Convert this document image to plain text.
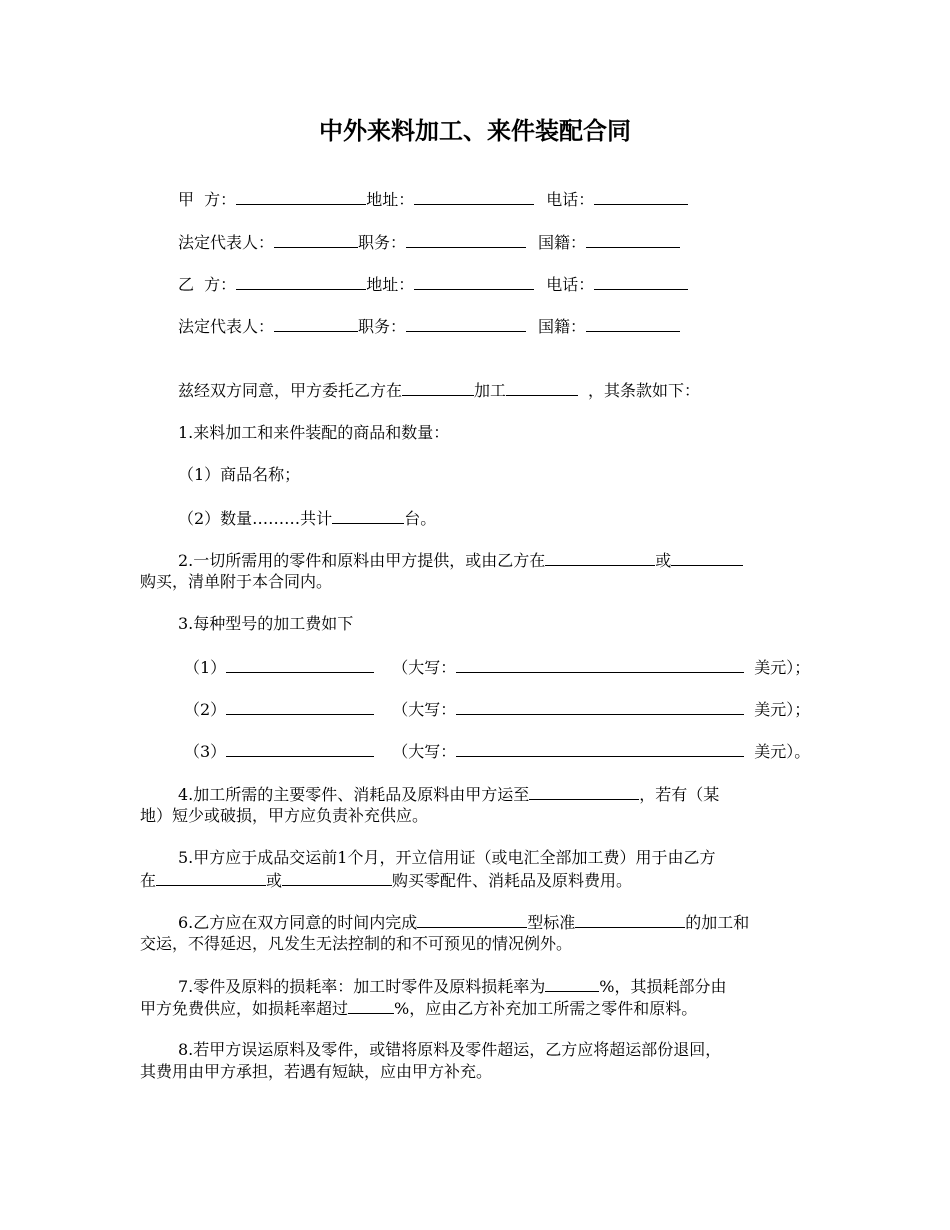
中外来料加工、来件装配合同
甲  方：	地址：	电话：
法定代表人：	职务：	国籍：
乙  方：	地址：	电话：
法定代表人：	职务：	国籍：
兹经双方同意，甲方委托乙方在	加工	，其条款如下：
1.来料加工和来件装配的商品和数量：
（1）商品名称；
（2）数量………共计	台。
2.一切所需用的零件和原料由甲方提供，或由乙方在	或
购买，清单附于本合同内。
3.每种型号的加工费如下
（1）	（大写：	美元）；
（2）	（大写：	美元）；
（3）	（大写：	美元）。
4.加工所需的主要零件、消耗品及原料由甲方运至	，若有（某
地）短少或破损，甲方应负责补充供应。
5.甲方应于成品交运前1个月，开立信用证（或电汇全部加工费）用于由乙方
在	或	购买零配件、消耗品及原料费用。
6.乙方应在双方同意的时间内完成	型标准	的加工和
交运，不得延迟，凡发生无法控制的和不可预见的情况例外。
7.零件及原料的损耗率：加工时零件及原料损耗率为	%，其损耗部分由
甲方免费供应，如损耗率超过	%，应由乙方补充加工所需之零件和原料。
8.若甲方误运原料及零件，或错将原料及零件超运，乙方应将超运部份退回，
其费用由甲方承担，若遇有短缺，应由甲方补充。
